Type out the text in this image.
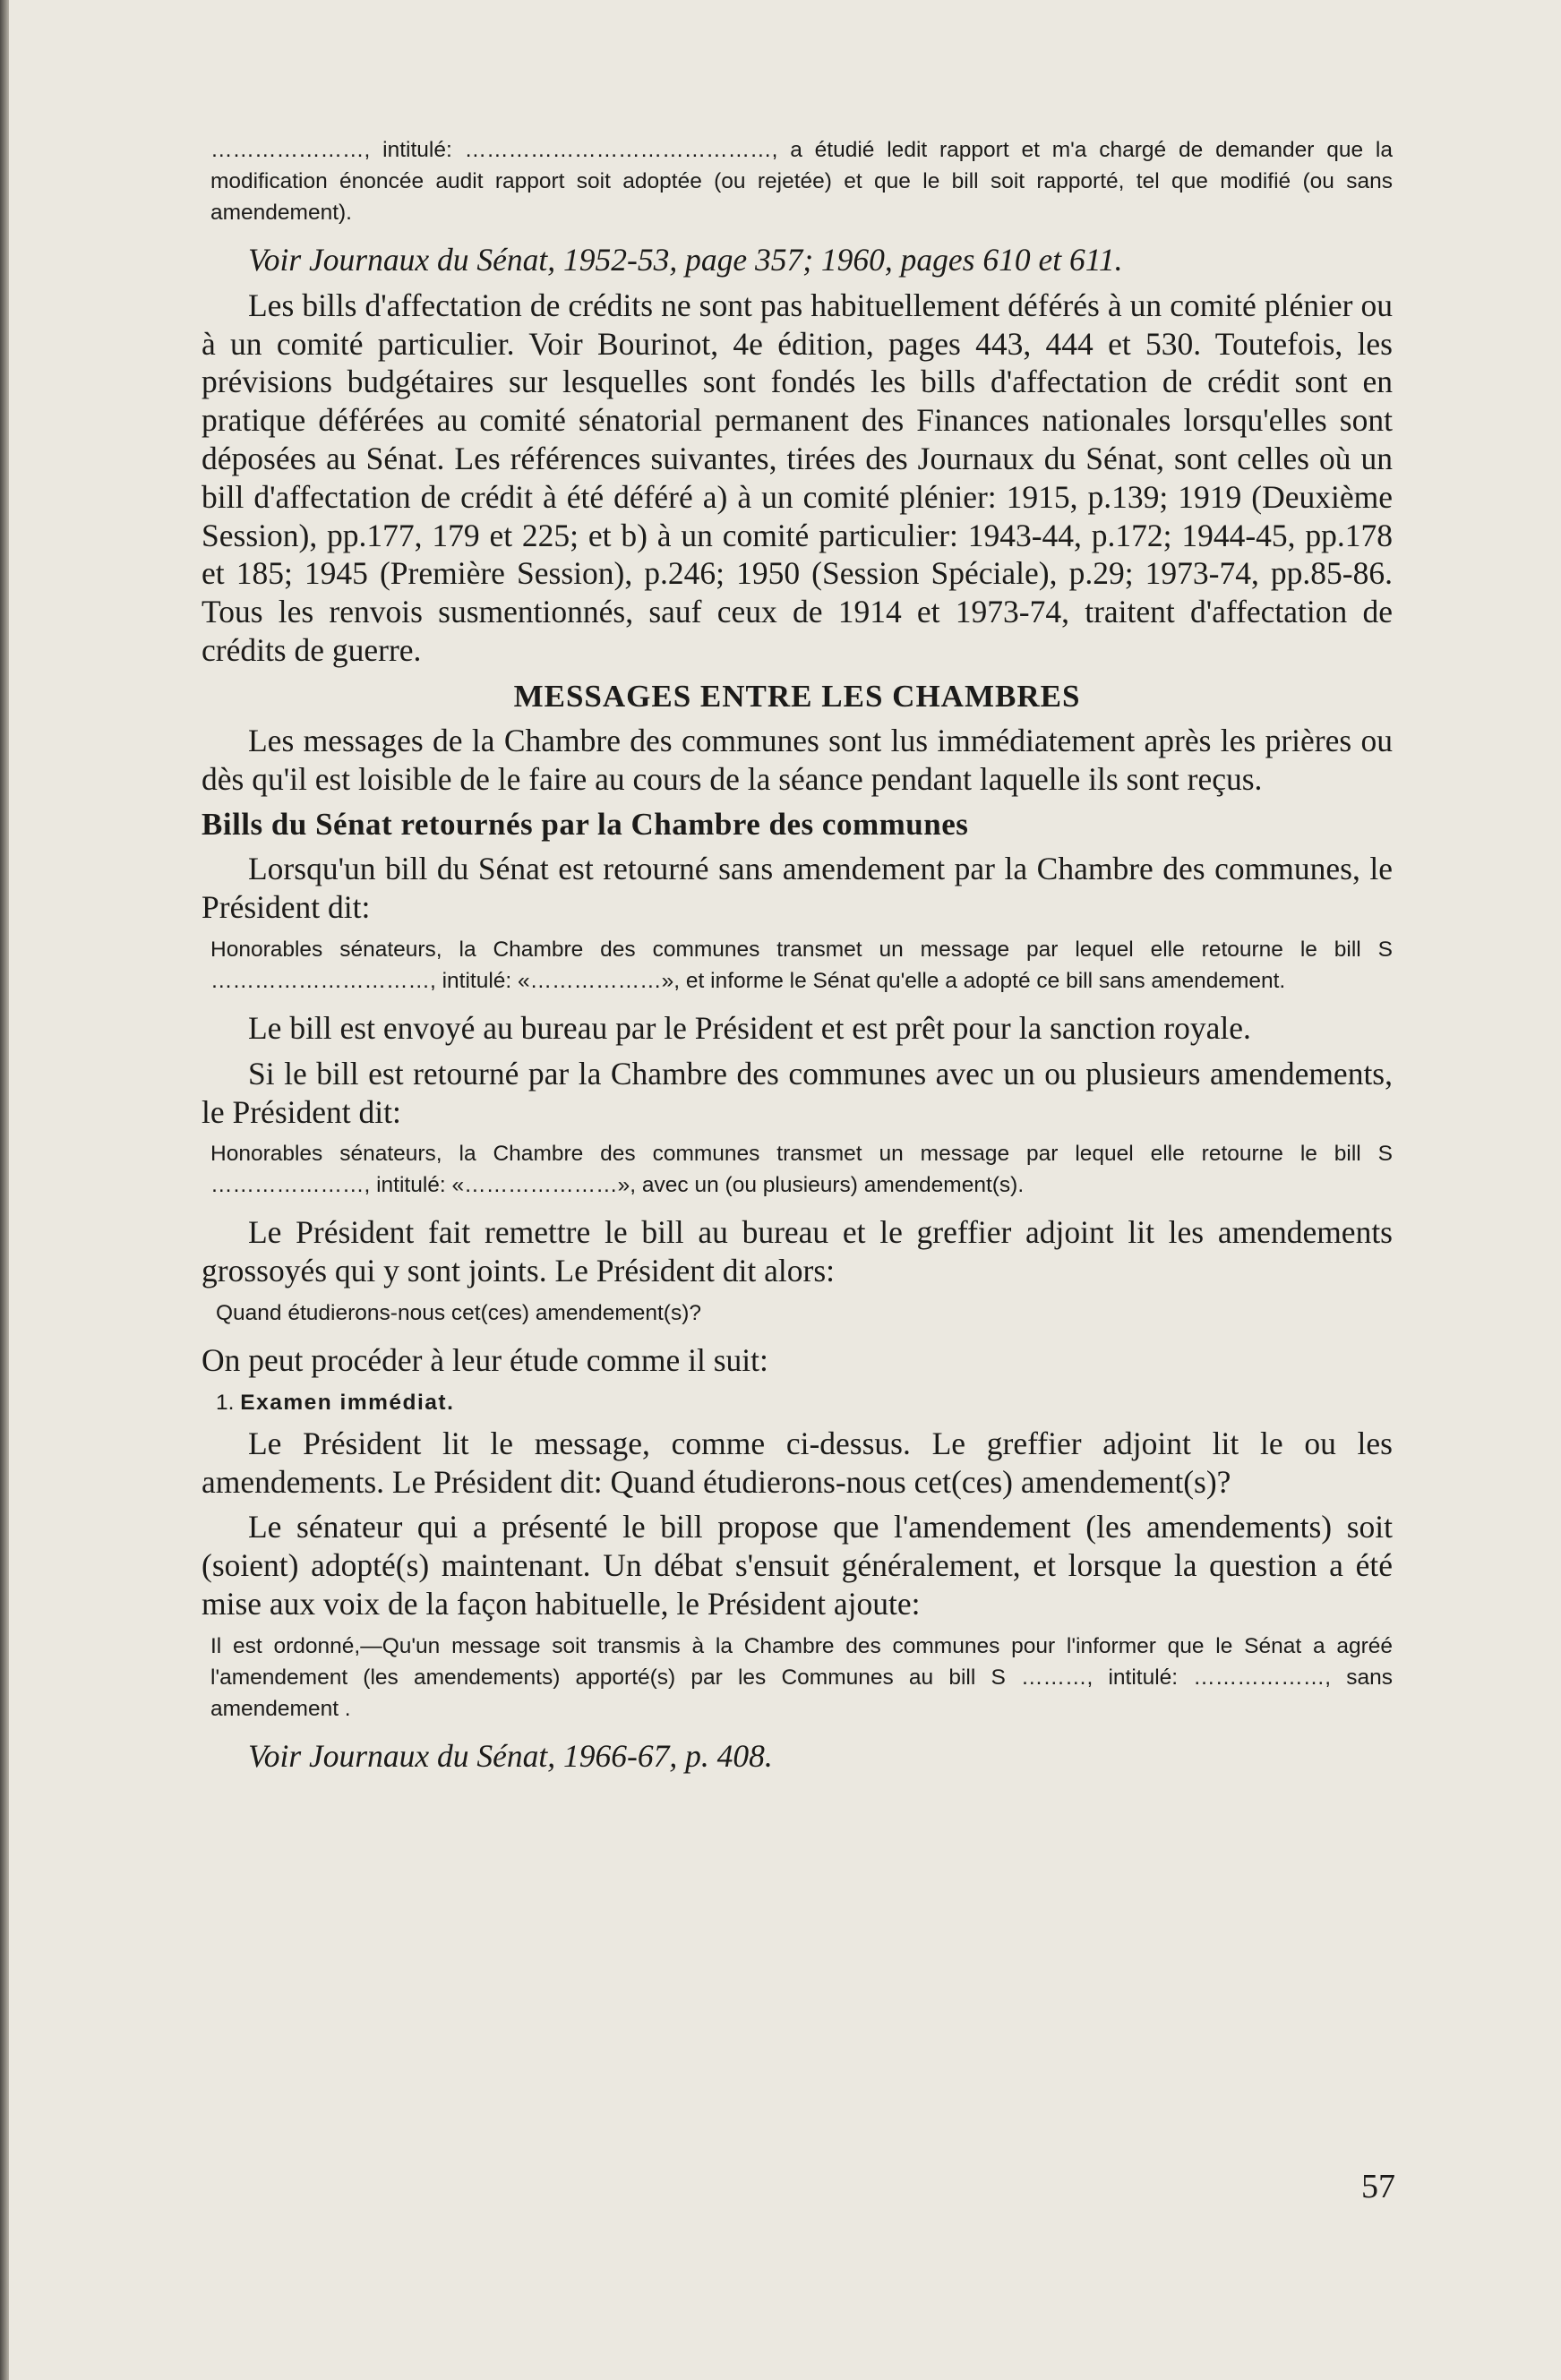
…………………, intitulé: ……………………………………, a étudié ledit rapport et m'a chargé de demander que la modification énoncée audit rapport soit adoptée (ou rejetée) et que le bill soit rapporté, tel que modifié (ou sans amendement).

Voir Journaux du Sénat, 1952-53, page 357; 1960, pages 610 et 611.

Les bills d'affectation de crédits ne sont pas habituellement déférés à un comité plénier ou à un comité particulier. Voir Bourinot, 4e édition, pages 443, 444 et 530. Toutefois, les prévisions budgétaires sur lesquelles sont fondés les bills d'affectation de crédit sont en pratique déférées au comité sénatorial permanent des Finances nationales lorsqu'elles sont déposées au Sénat. Les références suivantes, tirées des Journaux du Sénat, sont celles où un bill d'affectation de crédit à été déféré a) à un comité plénier: 1915, p.139; 1919 (Deuxième Session), pp.177, 179 et 225; et b) à un comité particulier: 1943-44, p.172; 1944-45, pp.178 et 185; 1945 (Première Session), p.246; 1950 (Session Spéciale), p.29; 1973-74, pp.85-86. Tous les renvois susmentionnés, sauf ceux de 1914 et 1973-74, traitent d'affectation de crédits de guerre.

MESSAGES ENTRE LES CHAMBRES

Les messages de la Chambre des communes sont lus immédiatement après les prières ou dès qu'il est loisible de le faire au cours de la séance pendant laquelle ils sont reçus.

Bills du Sénat retournés par la Chambre des communes

Lorsqu'un bill du Sénat est retourné sans amendement par la Chambre des communes, le Président dit:

Honorables sénateurs, la Chambre des communes transmet un message par lequel elle retourne le bill S …………………………, intitulé: «………………», et informe le Sénat qu'elle a adopté ce bill sans amendement.

Le bill est envoyé au bureau par le Président et est prêt pour la sanction royale.

Si le bill est retourné par la Chambre des communes avec un ou plusieurs amendements, le Président dit:

Honorables sénateurs, la Chambre des communes transmet un message par lequel elle retourne le bill S …………………, intitulé: «…………………», avec un (ou plusieurs) amendement(s).

Le Président fait remettre le bill au bureau et le greffier adjoint lit les amendements grossoyés qui y sont joints. Le Président dit alors:

Quand étudierons-nous cet(ces) amendement(s)?

On peut procéder à leur étude comme il suit:

1. Examen immédiat.

Le Président lit le message, comme ci-dessus. Le greffier adjoint lit le ou les amendements. Le Président dit: Quand étudierons-nous cet(ces) amendement(s)?

Le sénateur qui a présenté le bill propose que l'amendement (les amendements) soit (soient) adopté(s) maintenant. Un débat s'ensuit généralement, et lorsque la question a été mise aux voix de la façon habituelle, le Président ajoute:

Il est ordonné,—Qu'un message soit transmis à la Chambre des communes pour l'informer que le Sénat a agréé l'amendement (les amendements) apporté(s) par les Communes au bill S ………, intitulé: ………………, sans amendement .

Voir Journaux du Sénat, 1966-67, p. 408.

57
